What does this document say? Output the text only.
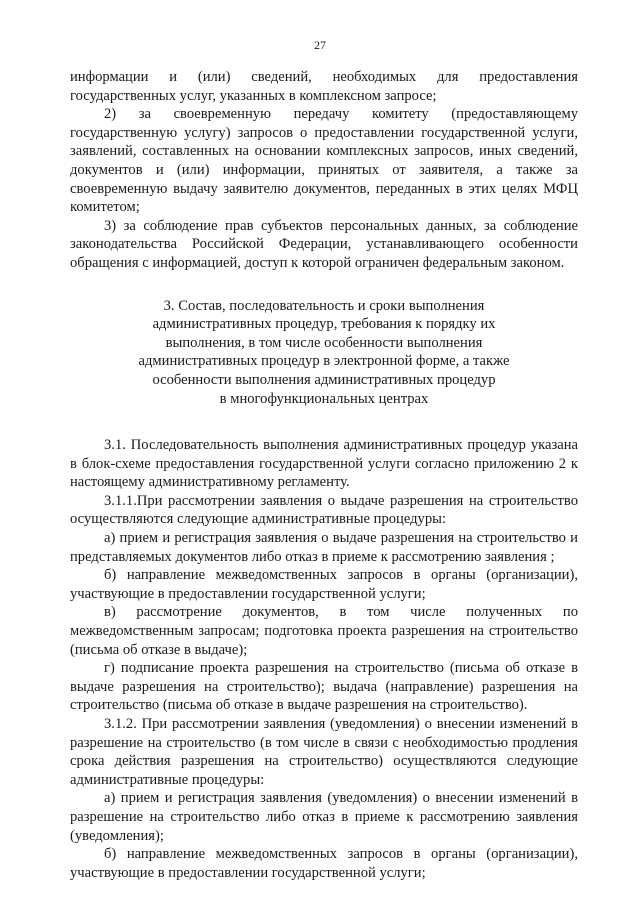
27

информации и (или) сведений, необходимых для предоставления государственных услуг, указанных в комплексном запросе;

2) за своевременную передачу комитету (предоставляющему государственную услугу) запросов о предоставлении государственной услуги, заявлений, составленных на основании комплексных запросов, иных сведений, документов и (или) информации, принятых от заявителя, а также за своевременную выдачу заявителю документов, переданных в этих целях МФЦ комитетом;

3) за соблюдение прав субъектов персональных данных, за соблюдение законодательства Российской Федерации, устанавливающего особенности обращения с информацией, доступ к которой ограничен федеральным законом.

3. Состав, последовательность и сроки выполнения
административных процедур, требования к порядку их
выполнения, в том числе особенности выполнения
административных процедур в электронной форме, а также
особенности выполнения административных процедур
в многофункциональных центрах

3.1. Последовательность выполнения административных процедур указана в блок-схеме предоставления государственной услуги согласно приложению 2 к настоящему административному регламенту.

3.1.1.При рассмотрении заявления о выдаче разрешения на строительство осуществляются следующие административные процедуры:

а) прием и регистрация заявления о выдаче разрешения на строительство и представляемых документов либо отказ в приеме к рассмотрению заявления ;

б) направление межведомственных запросов в органы (организации), участвующие в предоставлении государственной услуги;

в) рассмотрение документов, в том числе полученных по межведомственным запросам; подготовка проекта разрешения на строительство (письма об отказе в выдаче);

г) подписание проекта разрешения на строительство (письма об отказе в выдаче разрешения на строительство); выдача (направление) разрешения на строительство (письма об отказе в выдаче разрешения на строительство).

3.1.2. При рассмотрении заявления (уведомления) о внесении изменений в разрешение на строительство (в том числе в связи с необходимостью продления срока действия разрешения на строительство) осуществляются следующие административные процедуры:

а) прием и регистрация заявления (уведомления) о внесении изменений в разрешение на строительство либо отказ в приеме к рассмотрению заявления (уведомления);

б) направление межведомственных запросов в органы (организации), участвующие в предоставлении государственной услуги;
